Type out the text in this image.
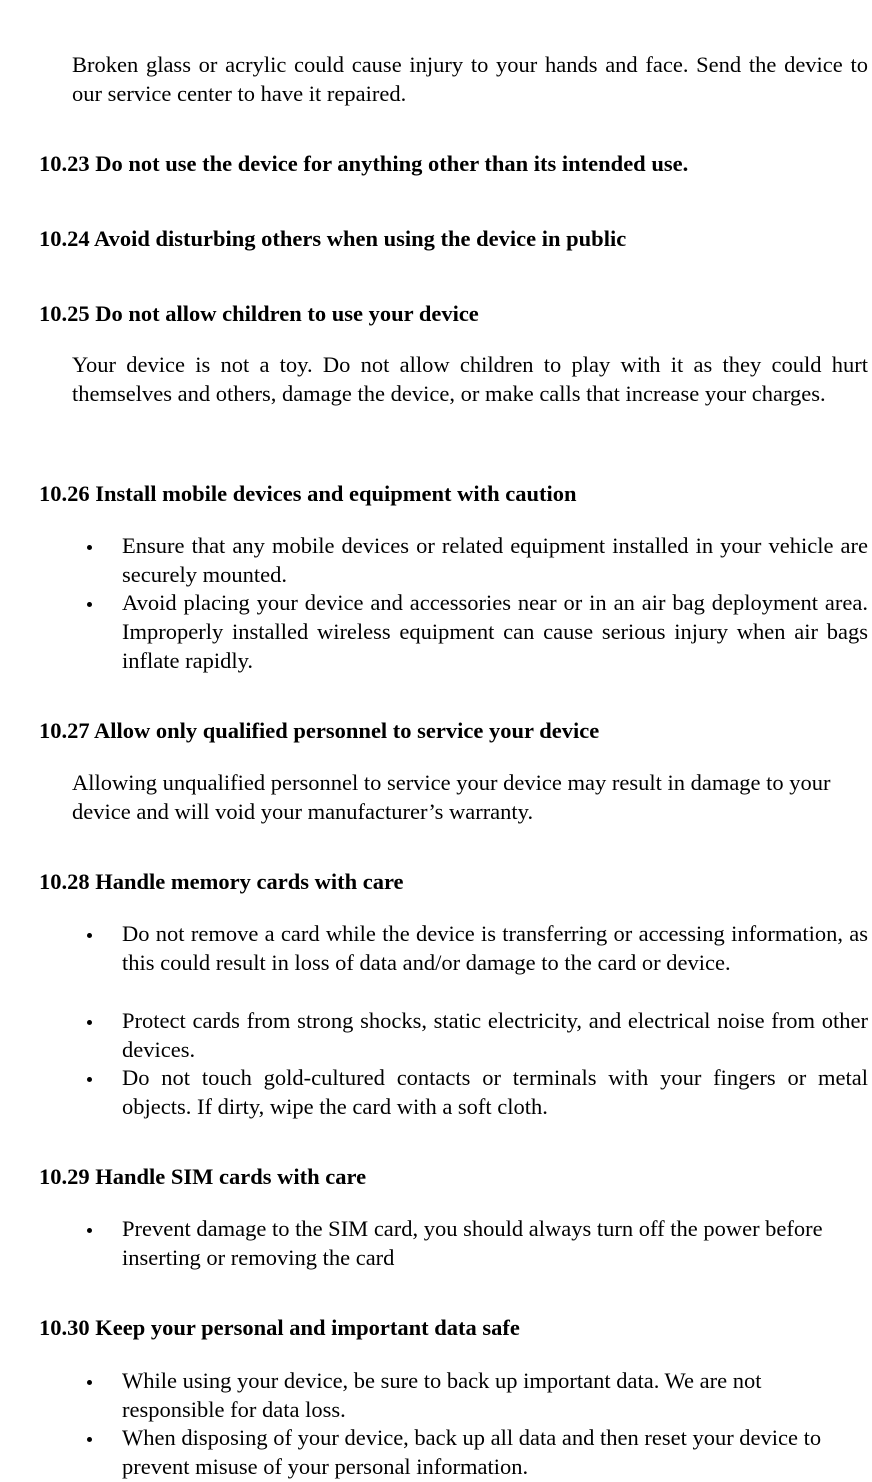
Broken glass or acrylic could cause injury to your hands and face. Send the device to our service center to have it repaired.

10.23 Do not use the device for anything other than its intended use.
10.24 Avoid disturbing others when using the device in public
10.25 Do not allow children to use your device

Your device is not a toy. Do not allow children to play with it as they could hurt themselves and others, damage the device, or make calls that increase your charges.

10.26 Install mobile devices and equipment with caution
Ensure that any mobile devices or related equipment installed in your vehicle are securely mounted.
Avoid placing your device and accessories near or in an air bag deployment area. Improperly installed wireless equipment can cause serious injury when air bags inflate rapidly.
10.27 Allow only qualified personnel to service your device

Allowing unqualified personnel to service your device may result in damage to your device and will void your manufacturer’s warranty.

10.28 Handle memory cards with care
Do not remove a card while the device is transferring or accessing information, as this could result in loss of data and/or damage to the card or device.
Protect cards from strong shocks, static electricity, and electrical noise from other devices.
Do not touch gold-cultured contacts or terminals with your fingers or metal objects. If dirty, wipe the card with a soft cloth.
10.29 Handle SIM cards with care
Prevent damage to the SIM card, you should always turn off the power before inserting or removing the card
10.30 Keep your personal and important data safe
While using your device, be sure to back up important data. We are not responsible for data loss.
When disposing of your device, back up all data and then reset your device to prevent misuse of your personal information.
